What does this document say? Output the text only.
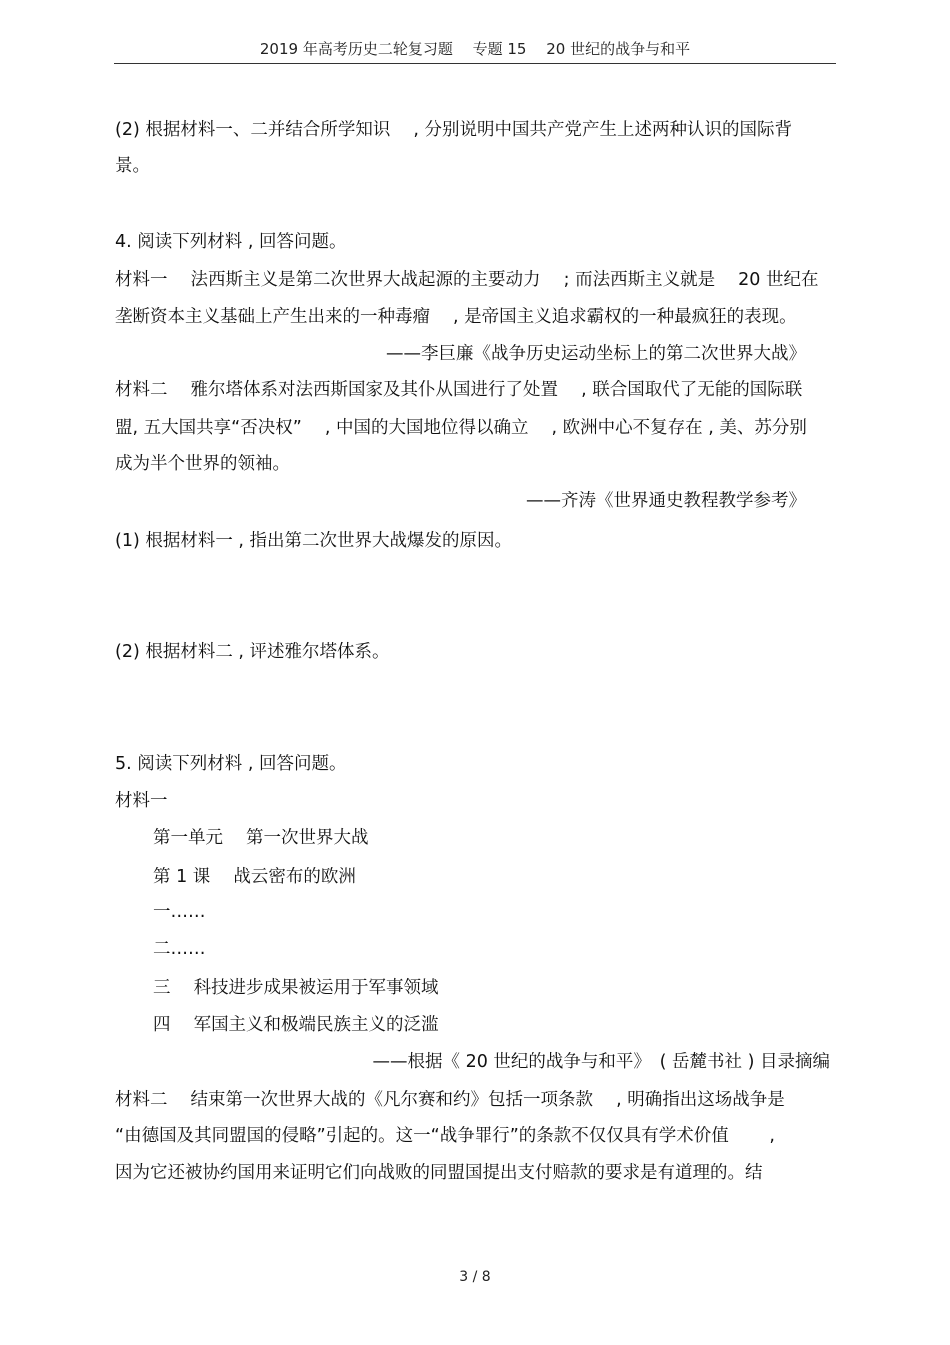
2019 年高考历史二轮复习题　 专题 15　 20 世纪的战争与和平
(2) 根据材料一、二并结合所学知识　 , 分别说明中国共产党产生上述两种认识的国际背
景。
4. 阅读下列材料 , 回答问题。
材料一　 法西斯主义是第二次世界大战起源的主要动力　 ; 而法西斯主义就是　 20 世纪在
垄断资本主义基础上产生出来的一种毒瘤　 , 是帝国主义追求霸权的一种最疯狂的表现。
——李巨廉《战争历史运动坐标上的第二次世界大战》
材料二　 雅尔塔体系对法西斯国家及其仆从国进行了处置　 , 联合国取代了无能的国际联
盟, 五大国共享“否决权”　 , 中国的大国地位得以确立　 , 欧洲中心不复存在 , 美、苏分别
成为半个世界的领袖。
——齐涛《世界通史教程教学参考》
(1) 根据材料一 , 指出第二次世界大战爆发的原因。
(2) 根据材料二 , 评述雅尔塔体系。
5. 阅读下列材料 , 回答问题。
材料一
第一单元　 第一次世界大战
第 1 课　 战云密布的欧洲
一……
二……
三　 科技进步成果被运用于军事领域
四　 军国主义和极端民族主义的泛滥
——根据《 20 世纪的战争与和平》　( 岳麓书社 ) 目录摘编
材料二　 结束第一次世界大战的《凡尔赛和约》包括一项条款　 , 明确指出这场战争是
“由德国及其同盟国的侵略”引起的。这一“战争罪行”的条款不仅仅具有学术价值　　 ,
因为它还被协约国用来证明它们向战败的同盟国提出支付赔款的要求是有道理的。结
3 / 8
